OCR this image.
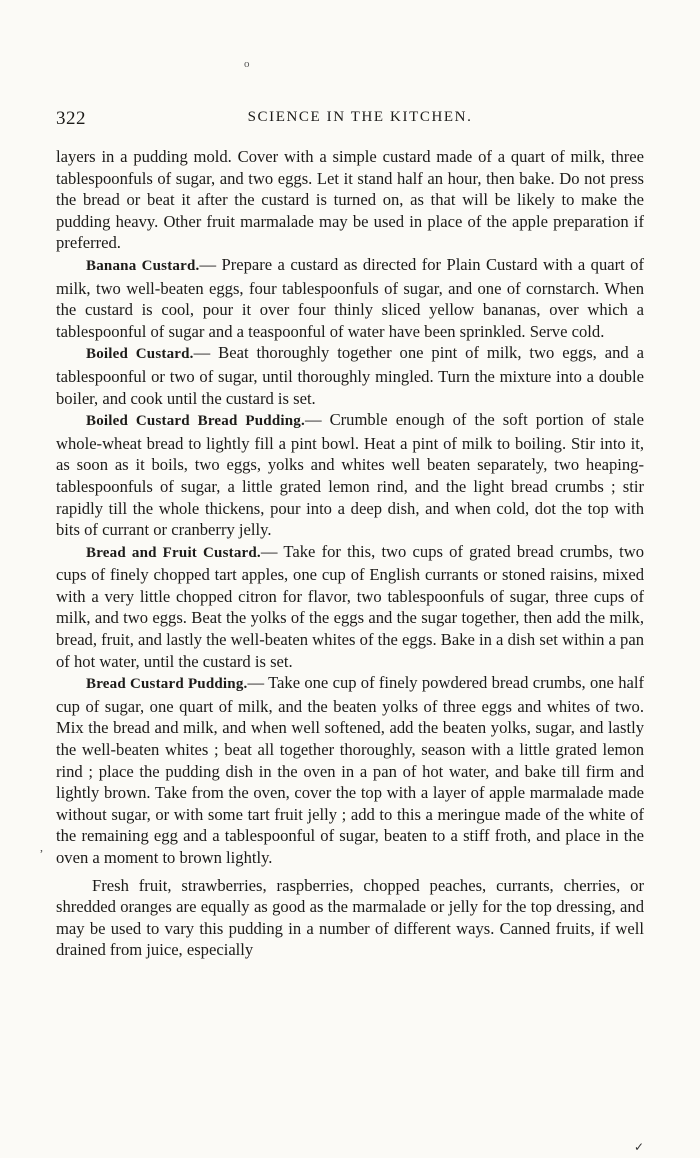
o
322	SCIENCE IN THE KITCHEN.

layers in a pudding mold. Cover with a simple custard made of a quart of milk, three tablespoonfuls of sugar, and two eggs. Let it stand half an hour, then bake. Do not press the bread or beat it after the custard is turned on, as that will be likely to make the pudding heavy. Other fruit marmalade may be used in place of the apple preparation if preferred.

Banana Custard.— Prepare a custard as directed for Plain Custard with a quart of milk, two well-beaten eggs, four tablespoonfuls of sugar, and one of cornstarch. When the custard is cool, pour it over four thinly sliced yellow bananas, over which a tablespoonful of sugar and a teaspoonful of water have been sprinkled. Serve cold.

Boiled Custard.— Beat thoroughly together one pint of milk, two eggs, and a tablespoonful or two of sugar, until thoroughly mingled. Turn the mixture into a double boiler, and cook until the custard is set.

Boiled Custard Bread Pudding.— Crumble enough of the soft portion of stale whole-wheat bread to lightly fill a pint bowl. Heat a pint of milk to boiling. Stir into it, as soon as it boils, two eggs, yolks and whites well beaten separately, two heaping-tablespoonfuls of sugar, a little grated lemon rind, and the light bread crumbs ; stir rapidly till the whole thickens, pour into a deep dish, and when cold, dot the top with bits of currant or cranberry jelly.

Bread and Fruit Custard.— Take for this, two cups of grated bread crumbs, two cups of finely chopped tart apples, one cup of English currants or stoned raisins, mixed with a very little chopped citron for flavor, two tablespoonfuls of sugar, three cups of milk, and two eggs. Beat the yolks of the eggs and the sugar together, then add the milk, bread, fruit, and lastly the well-beaten whites of the eggs. Bake in a dish set within a pan of hot water, until the custard is set.

Bread Custard Pudding.— Take one cup of finely powdered bread crumbs, one half cup of sugar, one quart of milk, and the beaten yolks of three eggs and whites of two. Mix the bread and milk, and when well softened, add the beaten yolks, sugar, and lastly the well-beaten whites ; beat all together thoroughly, season with a little grated lemon rind ; place the pudding dish in the oven in a pan of hot water, and bake till firm and lightly brown. Take from the oven, cover the top with a layer of apple marmalade made without sugar, or with some tart fruit jelly ; add to this a meringue made of the white of the remaining egg and a tablespoonful of sugar, beaten to a stiff froth, and place in the oven a moment to brown lightly.

Fresh fruit, strawberries, raspberries, chopped peaches, currants, cherries, or shredded oranges are equally as good as the marmalade or jelly for the top dressing, and may be used to vary this pudding in a number of different ways. Canned fruits, if well drained from juice, especially

,
✓
